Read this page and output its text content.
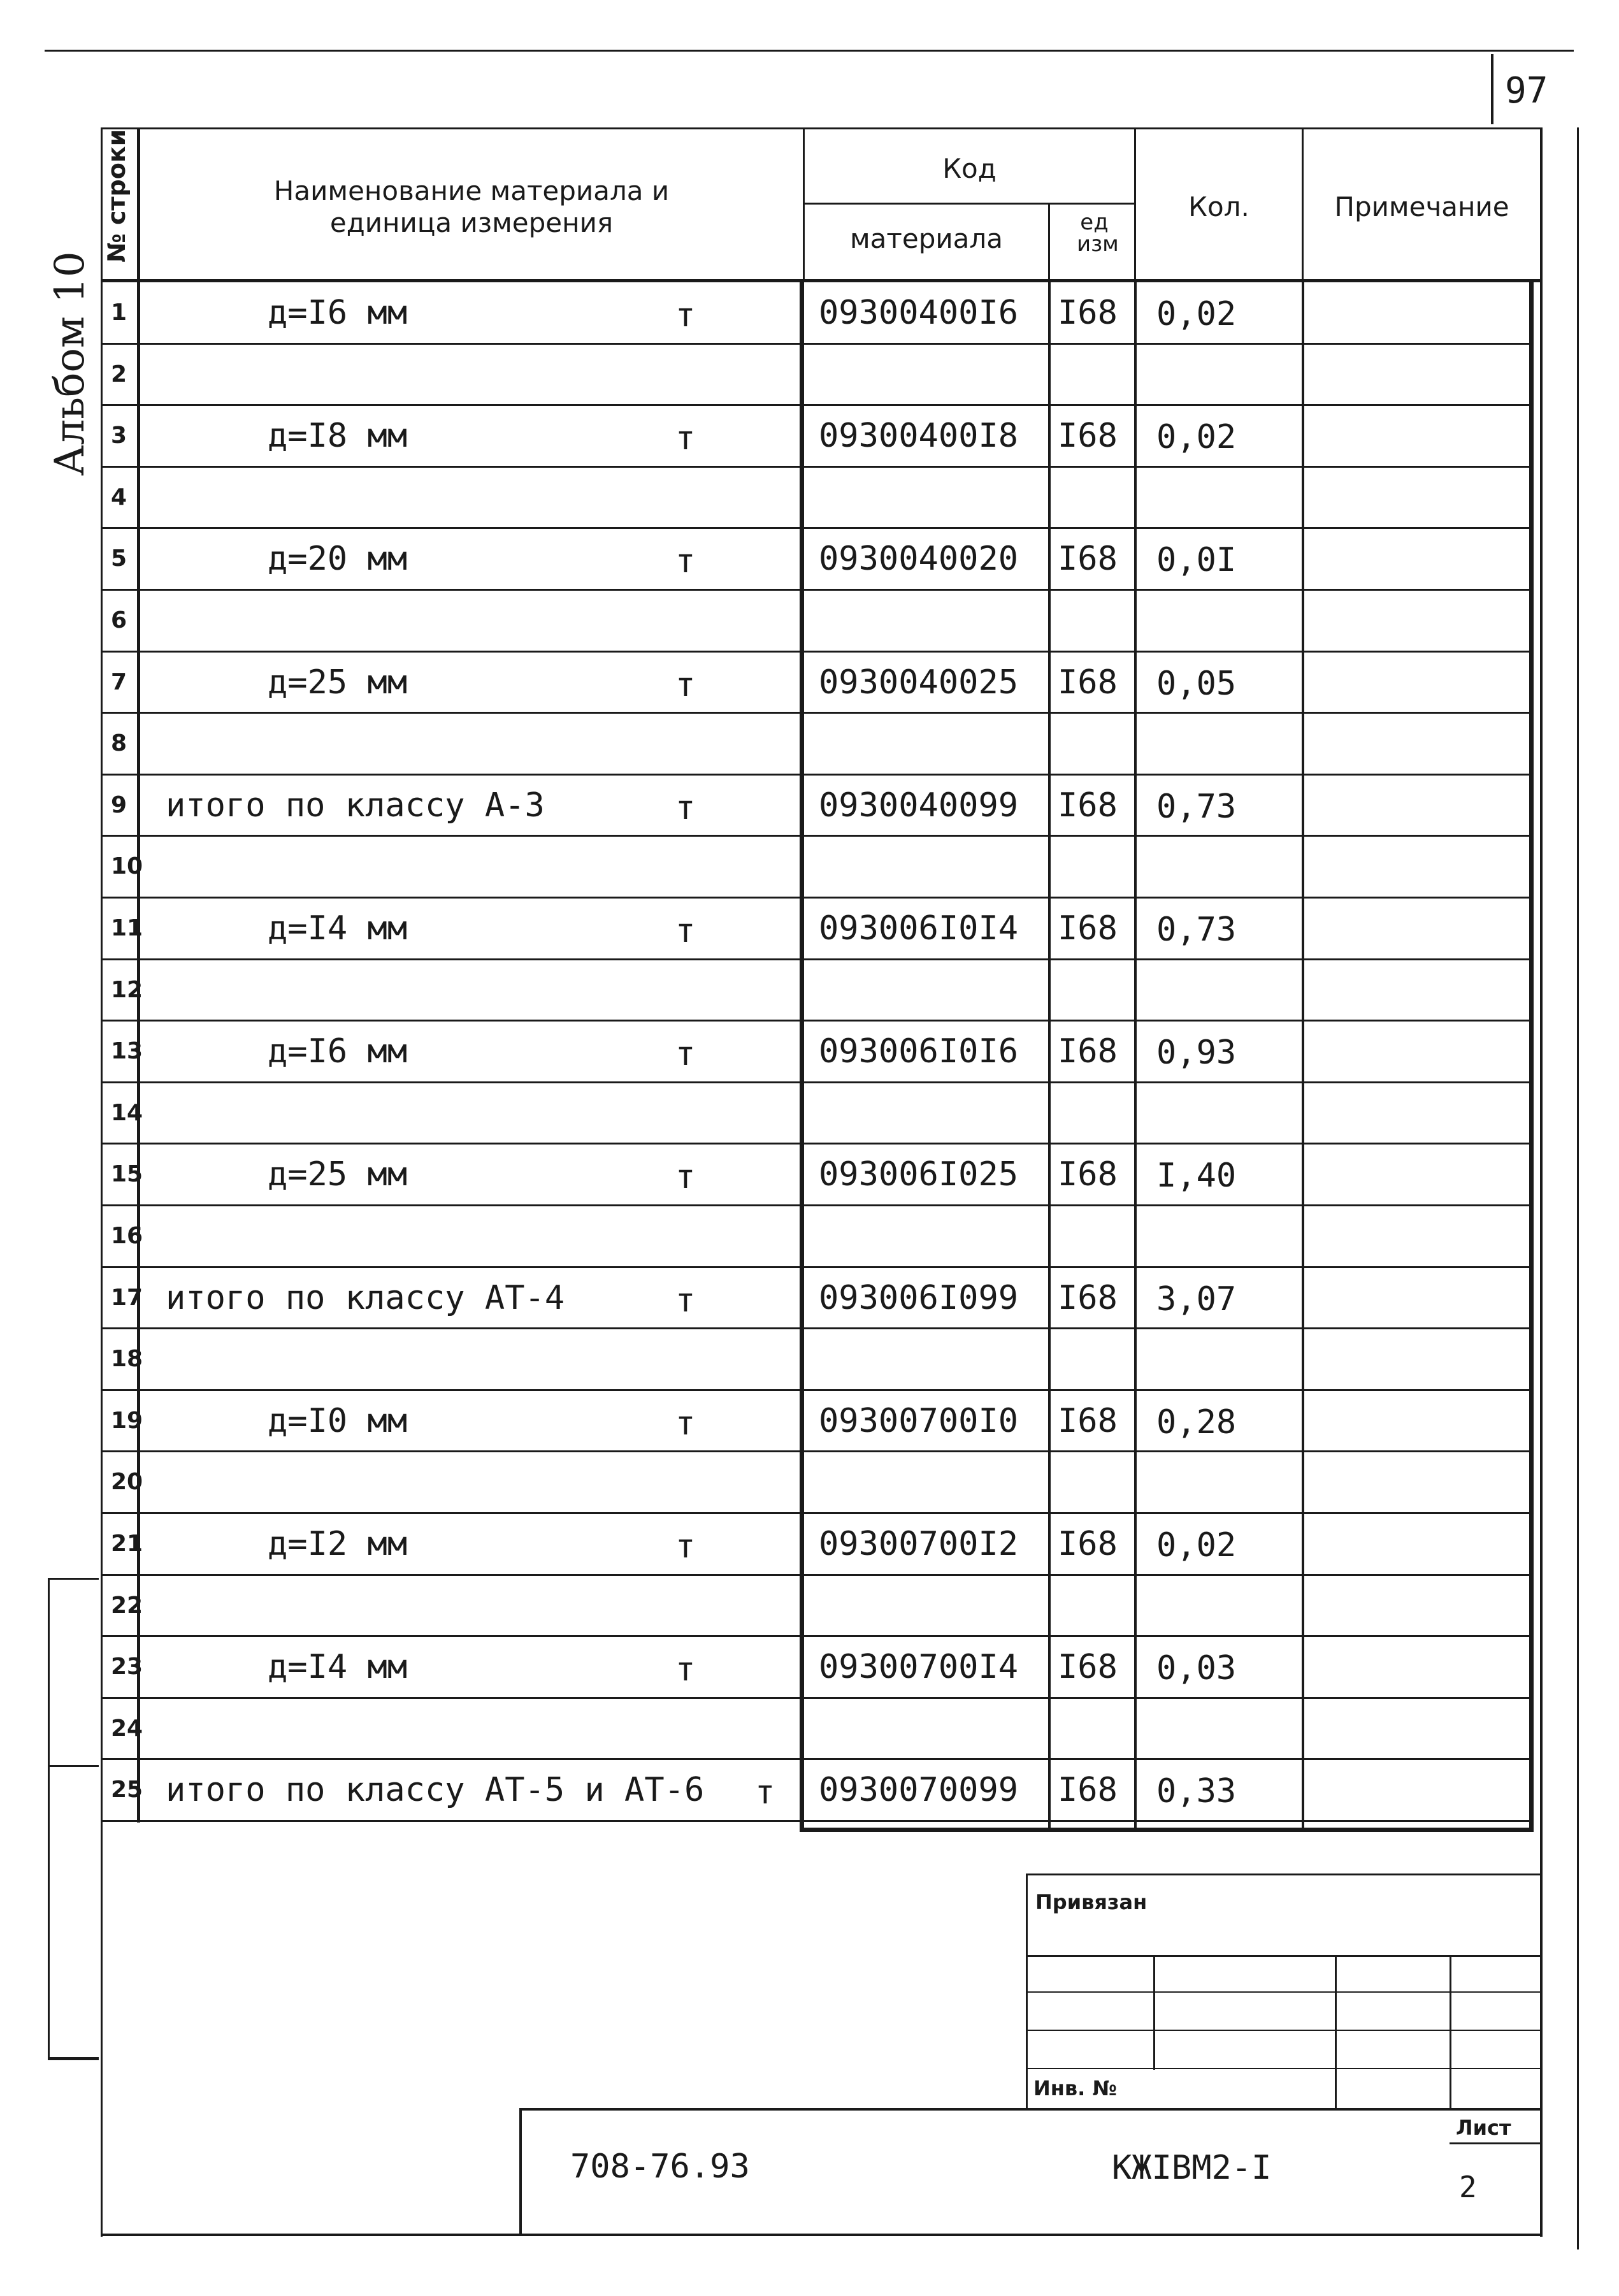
97
Альбом 10
№ строки	Наименование материала и единица измерения
Код
материала
ед изм
Кол.	Примечание
1	д=I6 мм	т	09300400I6 I68 0,02
2
3	д=I8 мм	т	09300400I8 I68 0,02
4
5	д=20 мм	т	0930040020 I68 0,0I
6
7	д=25 мм	т	0930040025 I68 0,05
8
9 итого по классу А-3	т	0930040099 I68 0,73
10
11	д=I4 мм	т	093006I0I4 I68 0,73
12
13	д=I6 мм	т	093006I0I6 I68 0,93
14
15	д=25 мм	т	093006I025 I68 I,40
16
17 итого по классу АТ-4	т	093006I099 I68 3,07
18
19	д=I0 мм	т	09300700I0 I68 0,28
20
21	д=I2 мм	т	09300700I2 I68 0,02
22
23	д=I4 мм	т	09300700I4 I68 0,03
24
25 итого по классу АТ-5 и АТ-6 т 0930070099 I68 0,33
Привязан
Инв. №
708-76.93	КЖIВМ2-I
Лист
2
